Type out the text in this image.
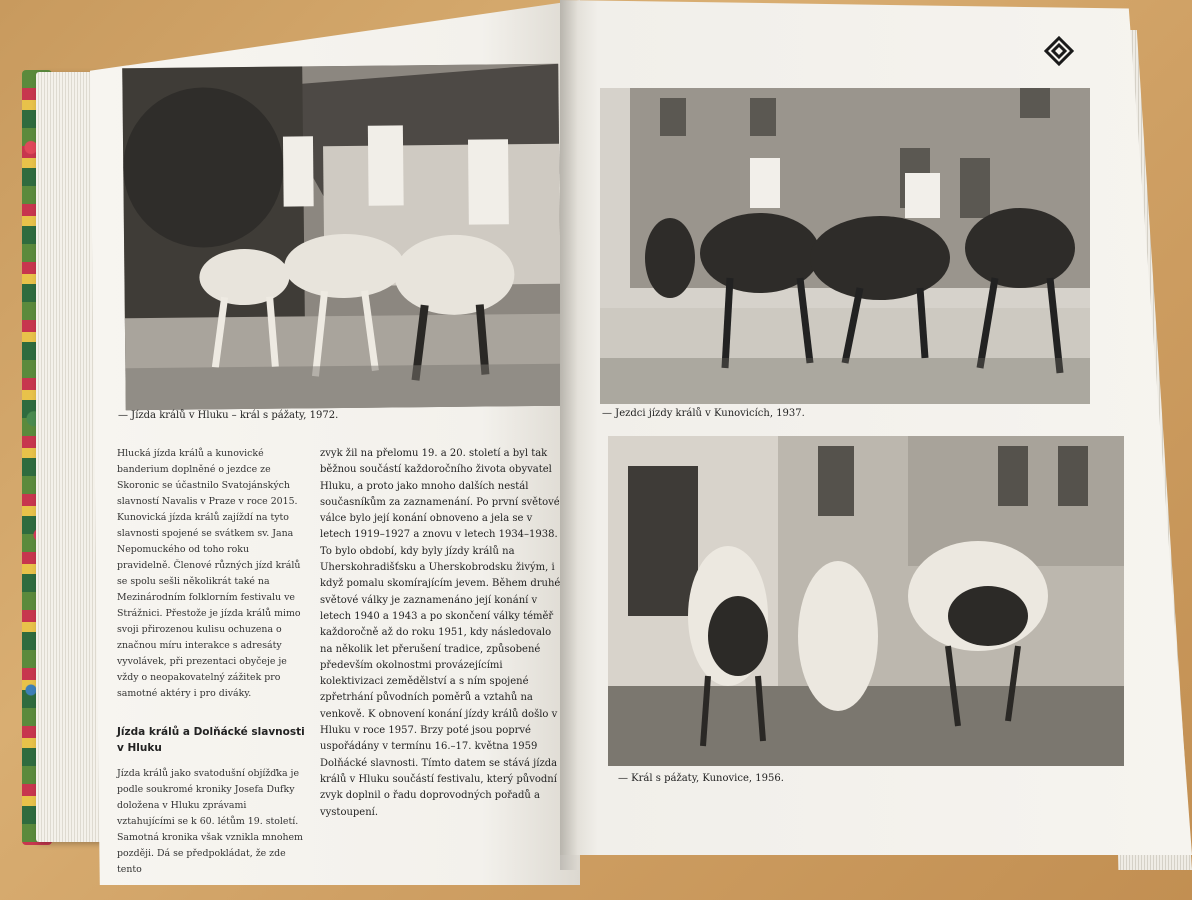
— Jízda králů v Hluku – král s pážaty, 1972.

Hlucká jízda králů a kunovické banderium doplněné o jezdce ze Skoronic se účastnilo Svatojánských slavností Navalis v Praze v roce 2015. Kunovická jízda králů zajíždí na tyto slavnosti spojené se svátkem sv. Jana Nepomuckého od toho roku pravidelně. Členové různých jízd králů se spolu sešli několikrát také na Mezinárodním folklorním festivalu ve Strážnici. Přestože je jízda králů mimo svoji přirozenou kulisu ochuzena o značnou míru interakce s adresáty vyvolávek, při prezentaci obyčeje je vždy o neopakovatelný zážitek pro samotné aktéry i pro diváky.

Jízda králů a Dolňácké slavnosti v Hluku

Jízda králů jako svatodušní objížďka je podle soukromé kroniky Josefa Dufky doložena v Hluku zprávami vztahujícími se k 60. létům 19. století. Samotná kronika však vznikla mnohem později. Dá se předpokládat, že zde tento

zvyk žil na přelomu 19. a 20. století a byl tak běžnou součástí každoročního života obyvatel Hluku, a proto jako mnoho dalších nestál současníkům za zaznamenání. Po první světové válce bylo její konání obnoveno a jela se v letech 1919–1927 a znovu v letech 1934–1938. To bylo období, kdy byly jízdy králů na Uherskohradišťsku a Uherskobrodsku živým, i když pomalu skomírajícím jevem. Během druhé světové války je zaznamenáno její konání v letech 1940 a 1943 a po skončení války téměř každoročně až do roku 1951, kdy následovalo na několik let přerušení tradice, způsobené především okolnostmi provázejícími kolektivizaci zemědělství a s ním spojené zpřetrhání původních poměrů a vztahů na venkově. K obnovení konání jízdy králů došlo v Hluku v roce 1957. Brzy poté jsou poprvé uspořádány v termínu 16.–17. května 1959 Dolňácké slavnosti. Tímto datem se stává jízda králů v Hluku součástí festivalu, který původní zvyk doplnil o řadu doprovodných pořadů a vystoupení.

— Jezdci jízdy králů v Kunovicích, 1937.
— Král s pážaty, Kunovice, 1956.
